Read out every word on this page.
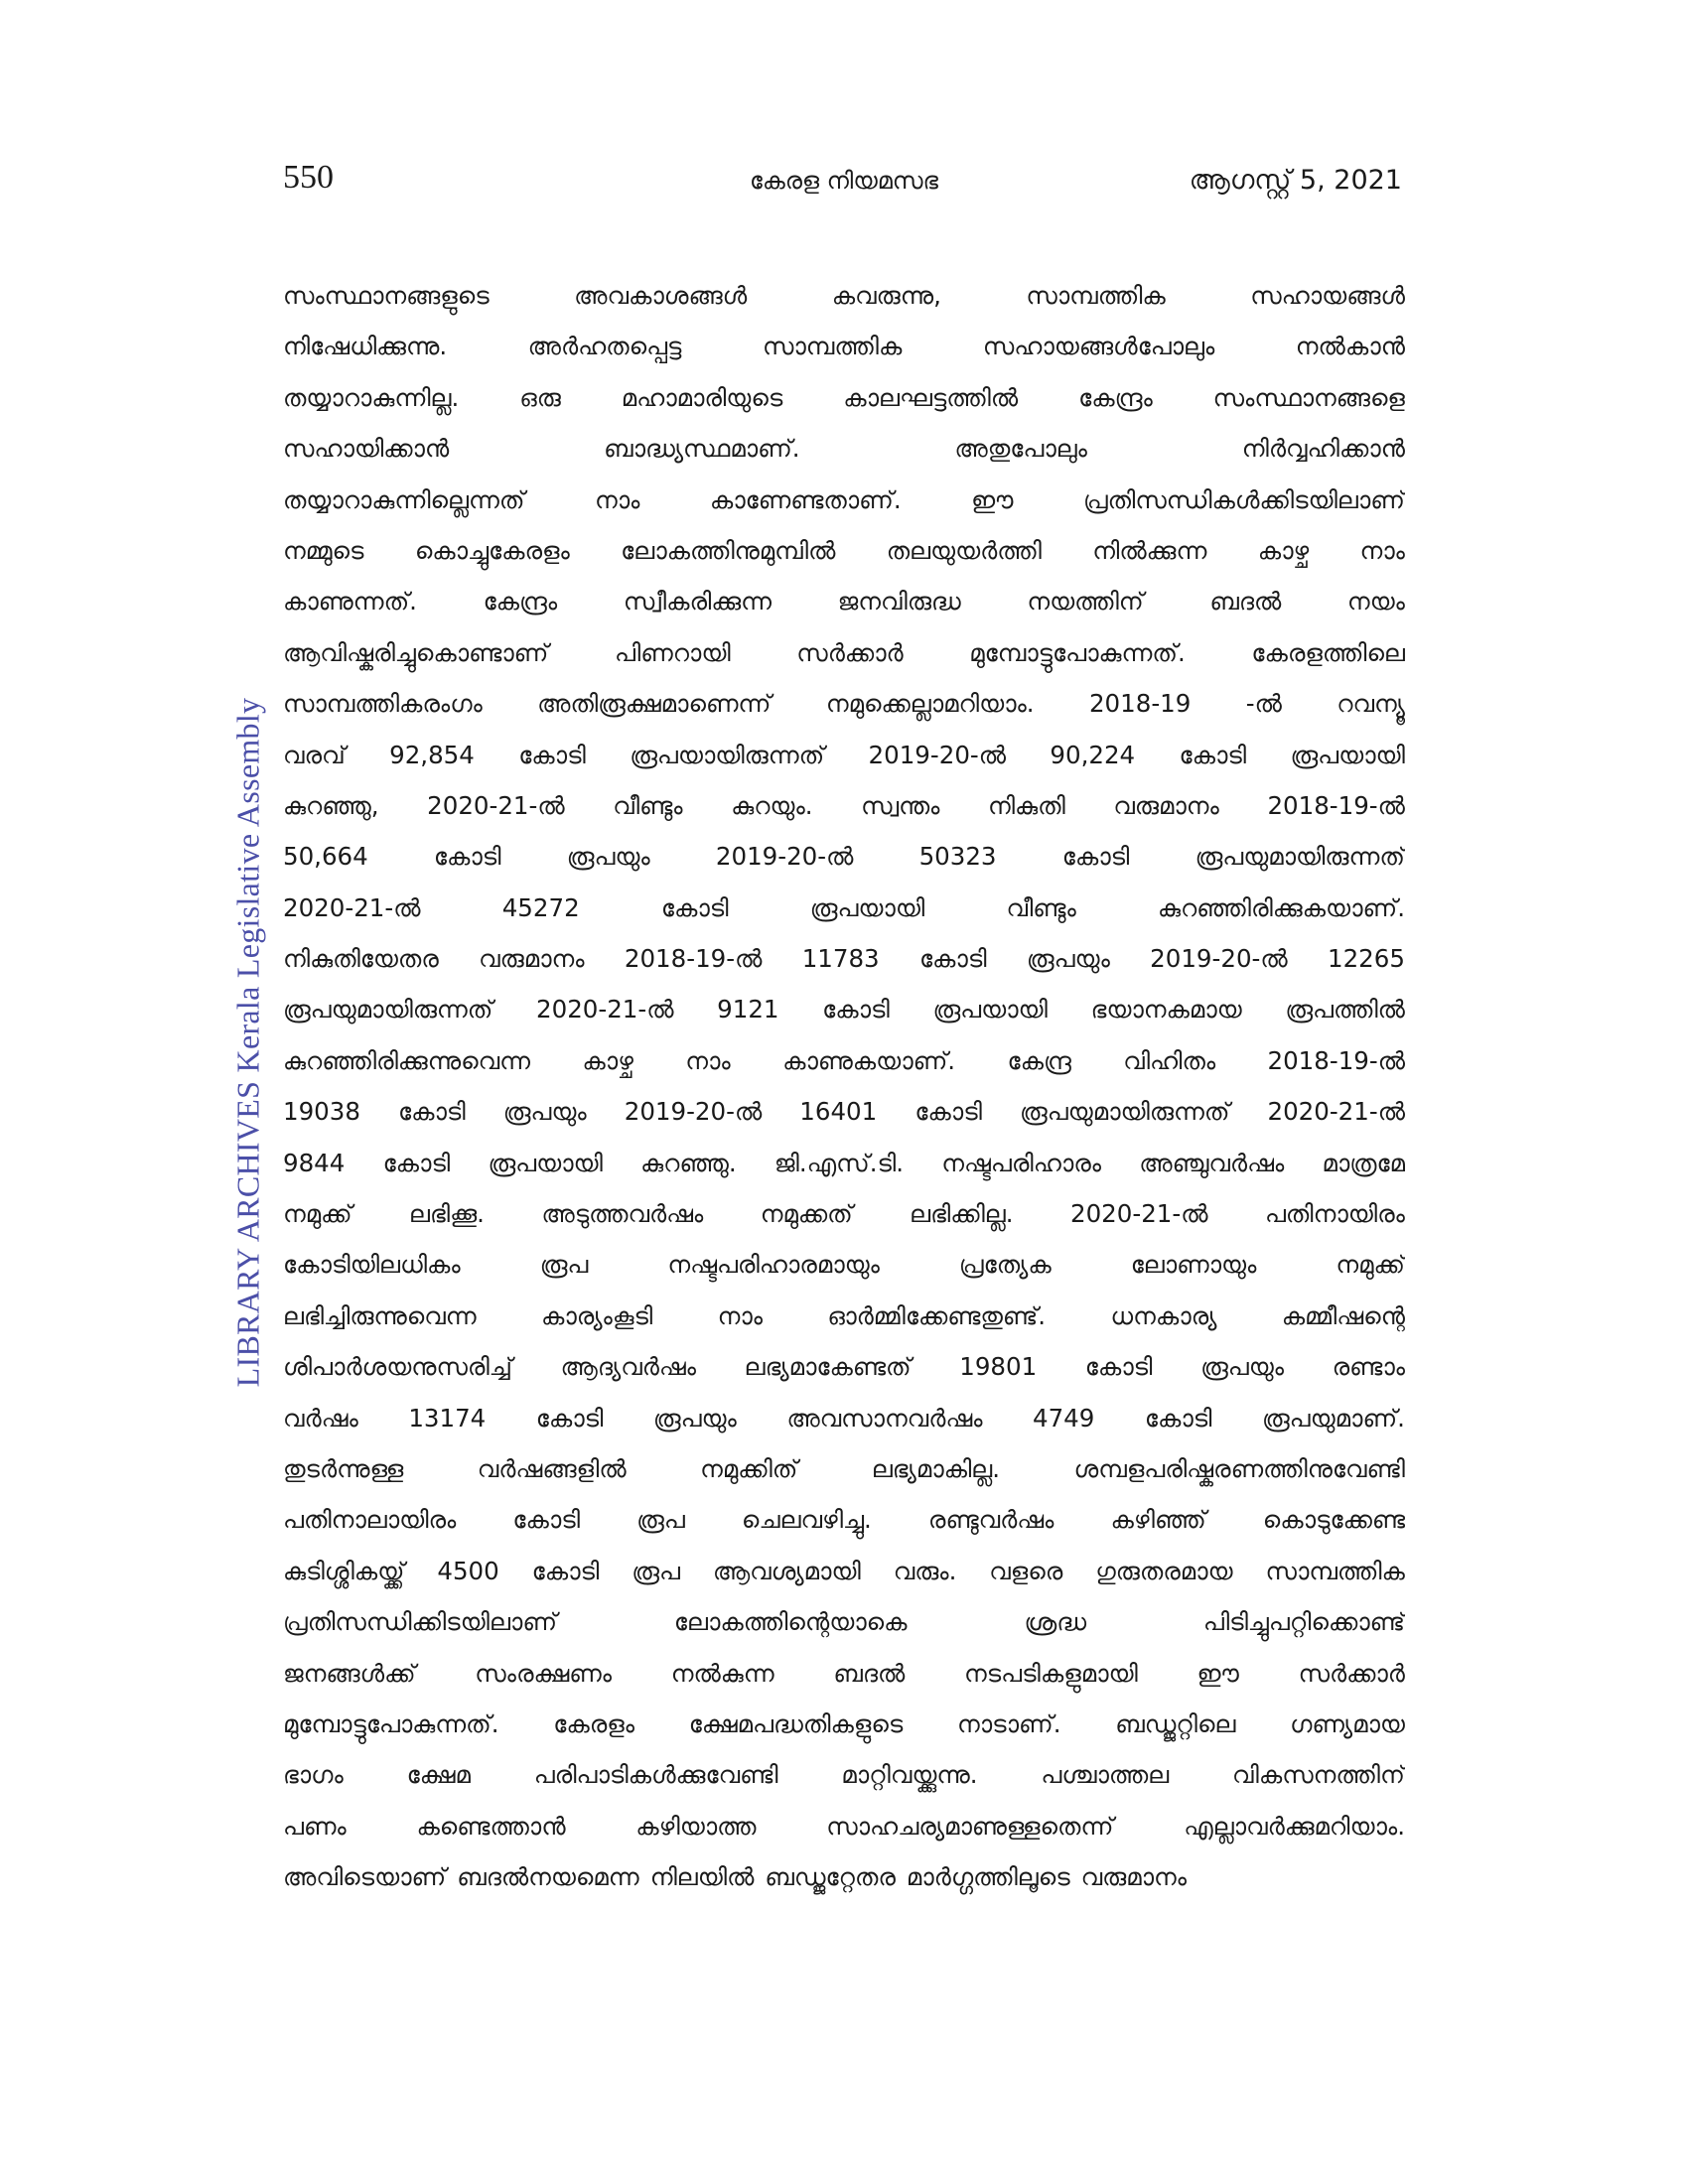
550	കേരള നിയമസഭ	ആഗസ്റ്റ് 5, 2021
LIBRARY ARCHIVES Kerala Legislative Assembly
സംസ്ഥാനങ്ങളുടെ	അവകാശങ്ങൾ	കവരുന്നു,	സാമ്പത്തിക	സഹായങ്ങൾ
നിഷേധിക്കുന്നു.	അർഹതപ്പെട്ട	സാമ്പത്തിക	സഹായങ്ങൾപോലും	നൽകാൻ
തയ്യാറാകുന്നില്ല. ഒരു മഹാമാരിയുടെ കാലഘട്ടത്തിൽ കേന്ദ്രം സംസ്ഥാനങ്ങളെ
സഹായിക്കാൻ	ബാദ്ധ്യസ്ഥമാണ്.	അതുപോലും	നിർവ്വഹിക്കാൻ
തയ്യാറാകുന്നില്ലെന്നത്	നാം	കാണേണ്ടതാണ്.	ഈ	പ്രതിസന്ധികൾക്കിടയിലാണ്
നമ്മുടെ കൊച്ചുകേരളം ലോകത്തിനുമുമ്പിൽ തലയുയർത്തി നിൽക്കുന്ന കാഴ്ച നാം
കാണുന്നത്.	കേന്ദ്രം	സ്വീകരിക്കുന്ന	ജനവിരുദ്ധ	നയത്തിന്	ബദൽ	നയം
ആവിഷ്കരിച്ചുകൊണ്ടാണ്	പിണറായി	സർക്കാർ	മുമ്പോട്ടുപോകുന്നത്.	കേരളത്തിലെ
സാമ്പത്തികരംഗം അതിരൂക്ഷമാണെന്ന് നമുക്കെല്ലാമറിയാം. 2018-19 -ൽ റവന്യൂ
വരവ് 92,854 കോടി രൂപയായിരുന്നത് 2019-20-ൽ 90,224 കോടി രൂപയായി
കുറഞ്ഞു, 2020-21-ൽ വീണ്ടും കുറയും. സ്വന്തം നികുതി വരുമാനം 2018-19-ൽ
50,664	കോടി	രൂപയും	2019-20-ൽ	50323	കോടി	രൂപയുമായിരുന്നത്
2020-21-ൽ	45272	കോടി	രൂപയായി	വീണ്ടും	കുറഞ്ഞിരിക്കുകയാണ്.
നികുതിയേതര വരുമാനം 2018-19-ൽ 11783 കോടി രൂപയും 2019-20-ൽ 12265
രൂപയുമായിരുന്നത് 2020-21-ൽ 9121 കോടി രൂപയായി ഭയാനകമായ രൂപത്തിൽ
കുറഞ്ഞിരിക്കുന്നുവെന്ന കാഴ്ച നാം കാണുകയാണ്. കേന്ദ്ര വിഹിതം 2018-19-ൽ
19038 കോടി രൂപയും 2019-20-ൽ 16401 കോടി രൂപയുമായിരുന്നത് 2020-21-ൽ
9844 കോടി രൂപയായി കുറഞ്ഞു. ജി.എസ്.ടി. നഷ്ടപരിഹാരം അഞ്ചുവർഷം മാത്രമേ
നമുക്ക് ലഭിക്കൂ. അടുത്തവർഷം നമുക്കത് ലഭിക്കില്ല. 2020-21-ൽ പതിനായിരം
കോടിയിലധികം	രൂപ	നഷ്ടപരിഹാരമായും	പ്രത്യേക	ലോണായും	നമുക്ക്
ലഭിച്ചിരുന്നുവെന്ന	കാര്യംകൂടി	നാം	ഓർമ്മിക്കേണ്ടതുണ്ട്.	ധനകാര്യ	കമ്മീഷന്റെ
ശിപാർശയനുസരിച്ച് ആദ്യവർഷം ലഭ്യമാകേണ്ടത് 19801 കോടി രൂപയും രണ്ടാം
വർഷം 13174 കോടി രൂപയും അവസാനവർഷം 4749 കോടി രൂപയുമാണ്.
തുടർന്നുള്ള	വർഷങ്ങളിൽ	നമുക്കിത്	ലഭ്യമാകില്ല.	ശമ്പളപരിഷ്കരണത്തിനുവേണ്ടി
പതിനാലായിരം കോടി രൂപ ചെലവഴിച്ചു. രണ്ടുവർഷം കഴിഞ്ഞ് കൊടുക്കേണ്ട
കുടിശ്ശികയ്ക്ക് 4500 കോടി രൂപ ആവശ്യമായി വരും. വളരെ ഗുരുതരമായ സാമ്പത്തിക
പ്രതിസന്ധിക്കിടയിലാണ്	ലോകത്തിന്റെയാകെ	ശ്രദ്ധ	പിടിച്ചുപറ്റിക്കൊണ്ട്
ജനങ്ങൾക്ക് സംരക്ഷണം നൽകുന്ന ബദൽ നടപടികളുമായി ഈ സർക്കാർ
മുമ്പോട്ടുപോകുന്നത്. കേരളം ക്ഷേമപദ്ധതികളുടെ നാടാണ്. ബഡ്ജറ്റിലെ ഗണ്യമായ
ഭാഗം	ക്ഷേമ	പരിപാടികൾക്കുവേണ്ടി	മാറ്റിവയ്ക്കുന്നു.	പശ്ചാത്തല	വികസനത്തിന്
പണം	കണ്ടെത്താൻ	കഴിയാത്ത	സാഹചര്യമാണുള്ളതെന്ന്	എല്ലാവർക്കുമറിയാം.
അവിടെയാണ് ബദൽനയമെന്ന നിലയിൽ ബഡ്ജറ്റേതര മാർഗ്ഗത്തിലൂടെ വരുമാനം
